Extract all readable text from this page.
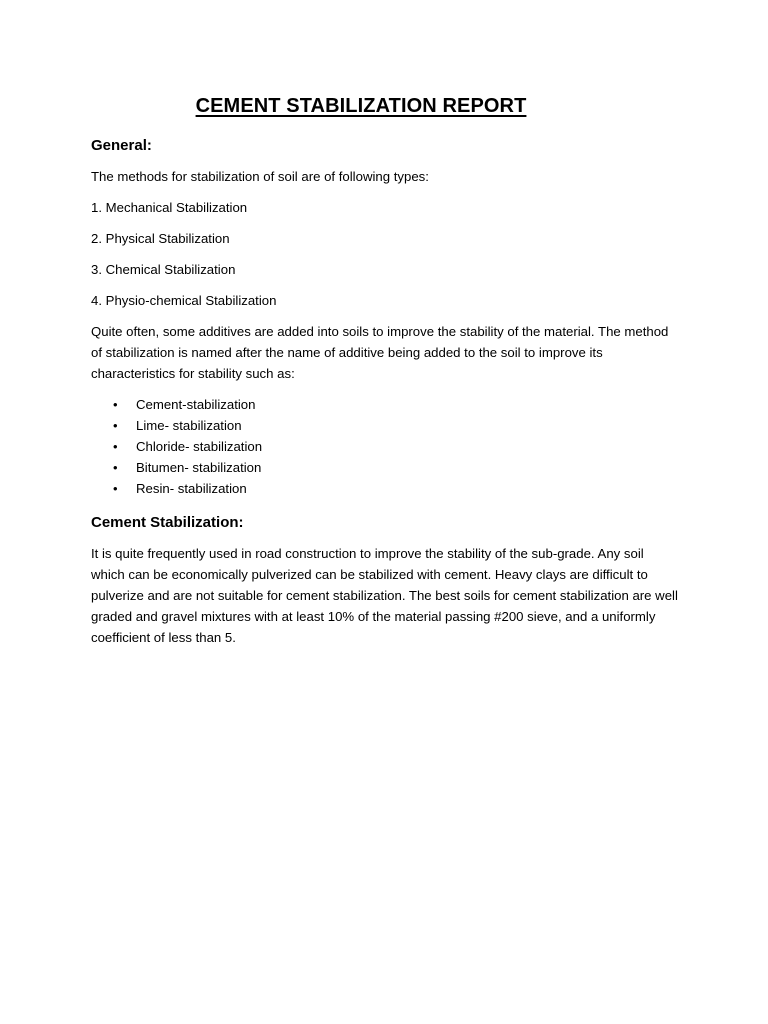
CEMENT STABILIZATION REPORT
General:
The methods for stabilization of soil are of following types:
1. Mechanical Stabilization
2. Physical Stabilization
3. Chemical Stabilization
4. Physio-chemical Stabilization
Quite often, some additives are added into soils to improve the stability of the material. The method of stabilization is named after the name of additive being added to the soil to improve its characteristics for stability such as:
• Cement-stabilization
• Lime- stabilization
• Chloride- stabilization
• Bitumen- stabilization
• Resin- stabilization
Cement Stabilization:
It is quite frequently used in road construction to improve the stability of the sub-grade. Any soil which can be economically pulverized can be stabilized with cement. Heavy clays are difficult to pulverize and are not suitable for cement stabilization. The best soils for cement stabilization are well graded and gravel mixtures with at least 10% of the material passing #200 sieve, and a uniformly coefficient of less than 5.
